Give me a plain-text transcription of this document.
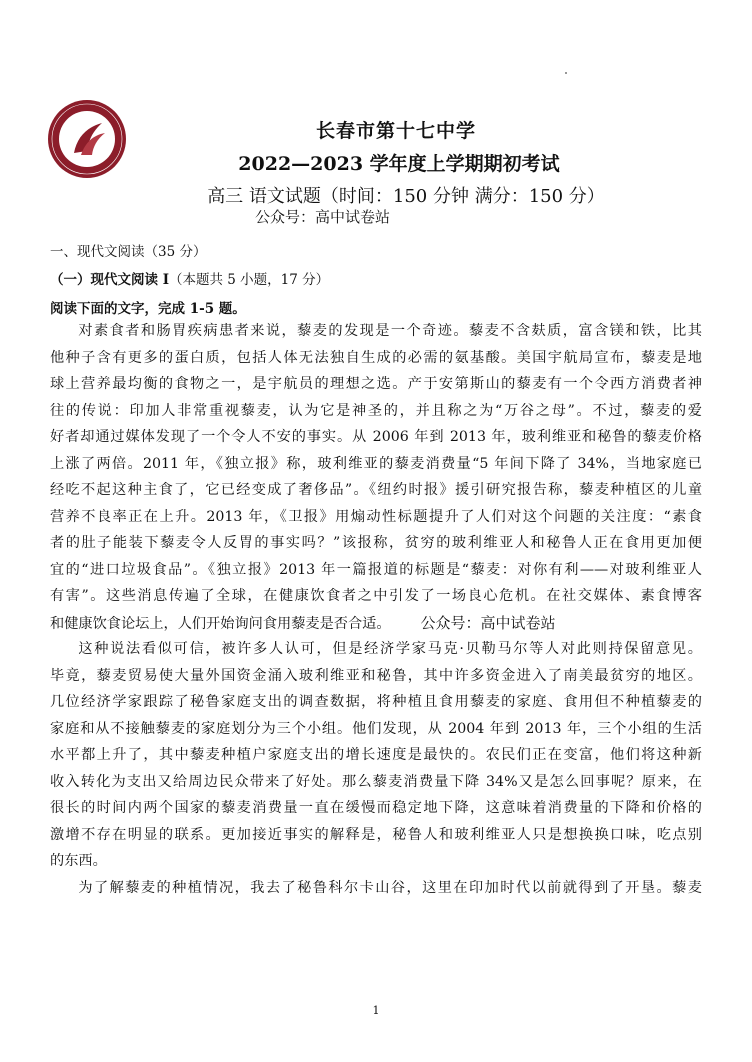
长春市第十七中学
2022—2023 学年度上学期期初考试
高三 语文试题（时间：150 分钟 满分：150 分）
公众号：高中试卷站
一、现代文阅读（35 分）
（一）现代文阅读 I（本题共 5 小题，17 分）
阅读下面的文字，完成 1-5 题。
对素食者和肠胃疾病患者来说，藜麦的发现是一个奇迹。藜麦不含麸质，富含镁和铁，比其
他种子含有更多的蛋白质，包括人体无法独自生成的必需的氨基酸。美国宇航局宣布，藜麦是地
球上营养最均衡的食物之一，是宇航员的理想之选。产于安第斯山的藜麦有一个令西方消费者神
往的传说：印加人非常重视藜麦，认为它是神圣的，并且称之为“万谷之母”。不过，藜麦的爱
好者却通过媒体发现了一个令人不安的事实。从 2006 年到 2013 年，玻利维亚和秘鲁的藜麦价格
上涨了两倍。2011 年，《独立报》称，玻利维亚的藜麦消费量“5 年间下降了 34%，当地家庭已
经吃不起这种主食了，它已经变成了奢侈品”。《纽约时报》援引研究报告称，藜麦种植区的儿童
营养不良率正在上升。2013 年，《卫报》用煽动性标题提升了人们对这个问题的关注度：“素食
者的肚子能装下藜麦令人反胃的事实吗？”该报称，贫穷的玻利维亚人和秘鲁人正在食用更加便
宜的“进口垃圾食品”。《独立报》2013 年一篇报道的标题是“藜麦：对你有利——对玻利维亚人
有害”。这些消息传遍了全球，在健康饮食者之中引发了一场良心危机。在社交媒体、素食博客
和健康饮食论坛上，人们开始询问食用藜麦是否合适。 公众号：高中试卷站
这种说法看似可信，被许多人认可，但是经济学家马克·贝勒马尔等人对此则持保留意见。
毕竟，藜麦贸易使大量外国资金涌入玻利维亚和秘鲁，其中许多资金进入了南美最贫穷的地区。
几位经济学家跟踪了秘鲁家庭支出的调查数据，将种植且食用藜麦的家庭、食用但不种植藜麦的
家庭和从不接触藜麦的家庭划分为三个小组。他们发现，从 2004 年到 2013 年，三个小组的生活
水平都上升了，其中藜麦种植户家庭支出的增长速度是最快的。农民们正在变富，他们将这种新
收入转化为支出又给周边民众带来了好处。那么藜麦消费量下降 34%又是怎么回事呢？原来，在
很长的时间内两个国家的藜麦消费量一直在缓慢而稳定地下降，这意味着消费量的下降和价格的
激增不存在明显的联系。更加接近事实的解释是，秘鲁人和玻利维亚人只是想换换口味，吃点别
的东西。
为了解藜麦的种植情况，我去了秘鲁科尔卡山谷，这里在印加时代以前就得到了开垦。藜麦
1
